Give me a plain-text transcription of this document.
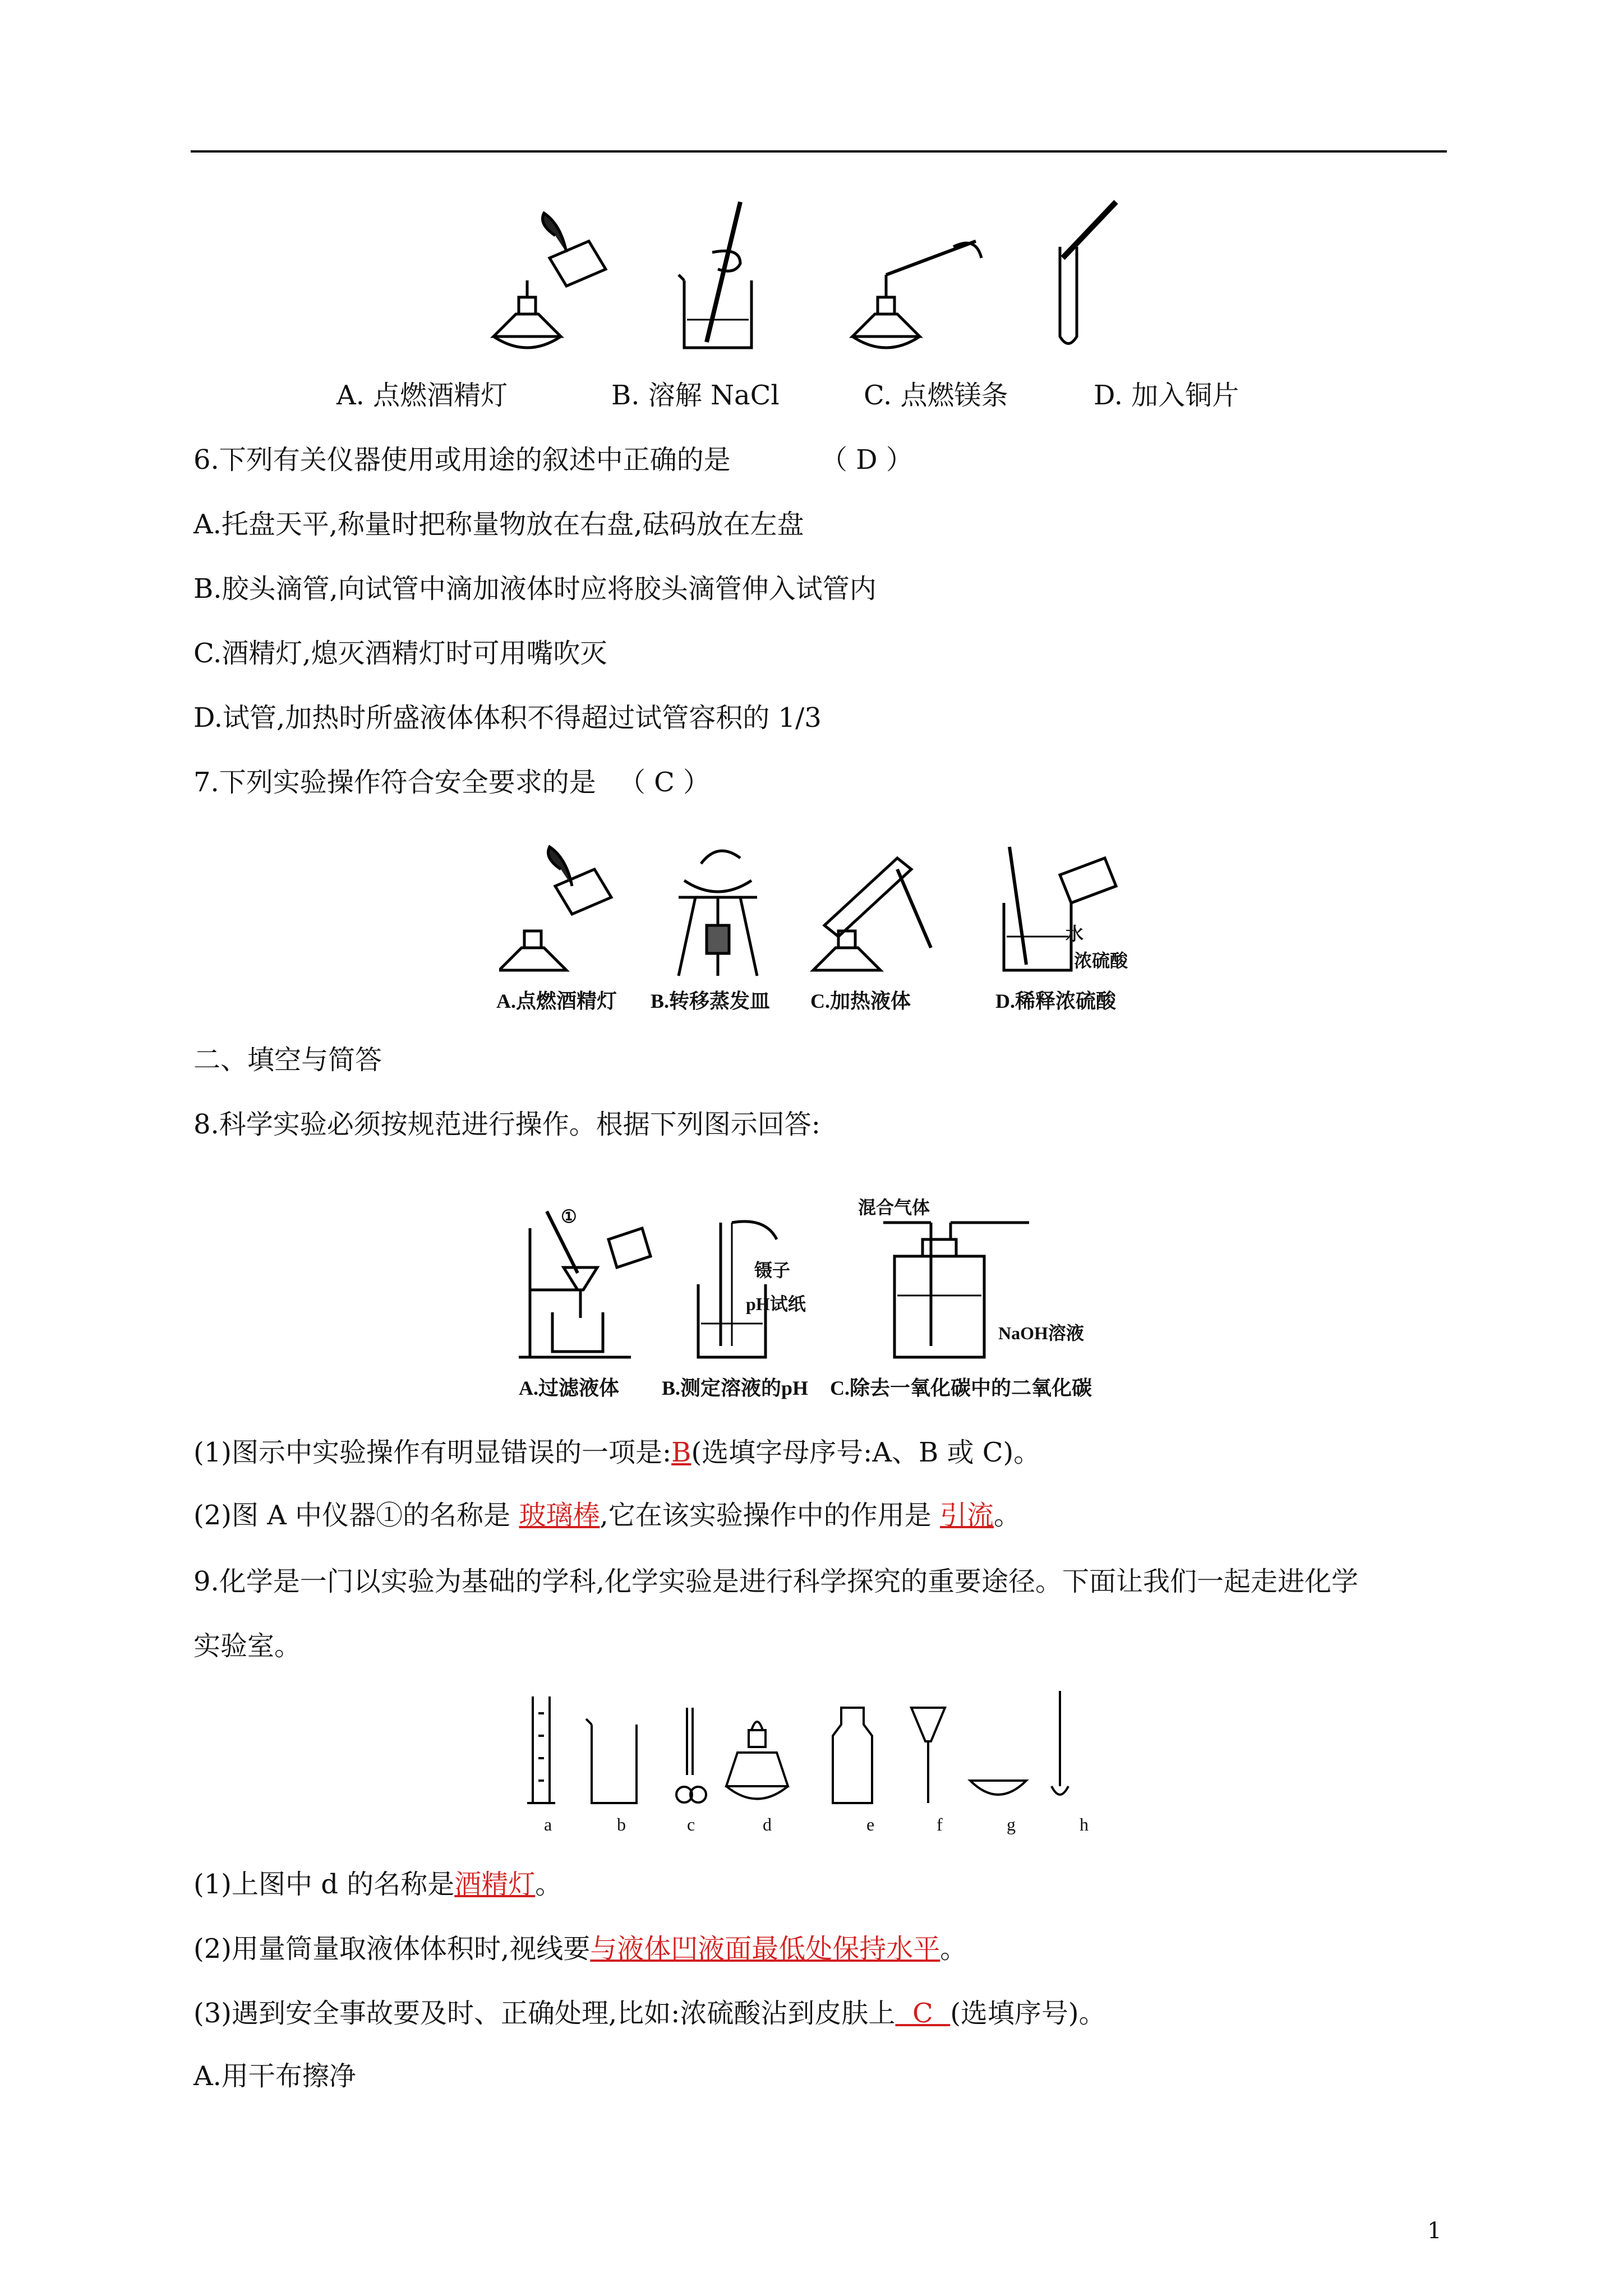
A. 点燃酒精灯	B. 溶解 NaCl	C. 点燃镁条	D. 加入铜片
6.下列有关仪器使用或用途的叙述中正确的是	（ D ）
A.托盘天平,称量时把称量物放在右盘,砝码放在左盘
B.胶头滴管,向试管中滴加液体时应将胶头滴管伸入试管内
C.酒精灯,熄灭酒精灯时可用嘴吹灭
D.试管,加热时所盛液体体积不得超过试管容积的 1/3
7.下列实验操作符合安全要求的是 （ C ）
水
浓硫酸
A.点燃酒精灯 B.转移蒸发皿 C.加热液体	D.稀释浓硫酸
二、填空与简答
8.科学实验必须按规范进行操作。根据下列图示回答:
①	混合气体
镊子
pH试纸
NaOH溶液
A.过滤液体 B.测定溶液的pH C.除去一氧化碳中的二氧化碳
(1)图示中实验操作有明显错误的一项是:B(选填字母序号:A、B 或 C)。
(2)图 A 中仪器①的名称是 玻璃棒,它在该实验操作中的作用是 引流。
9.化学是一门以实验为基础的学科,化学实验是进行科学探究的重要途径。下面让我们一起走进化学
实验室。
a	b	c	d	e	f	g	h
(1)上图中 d 的名称是酒精灯。
(2)用量筒量取液体体积时,视线要与液体凹液面最低处保持水平。
(3)遇到安全事故要及时、正确处理,比如:浓硫酸沾到皮肤上  C  (选填序号)。
A.用干布擦净
1
